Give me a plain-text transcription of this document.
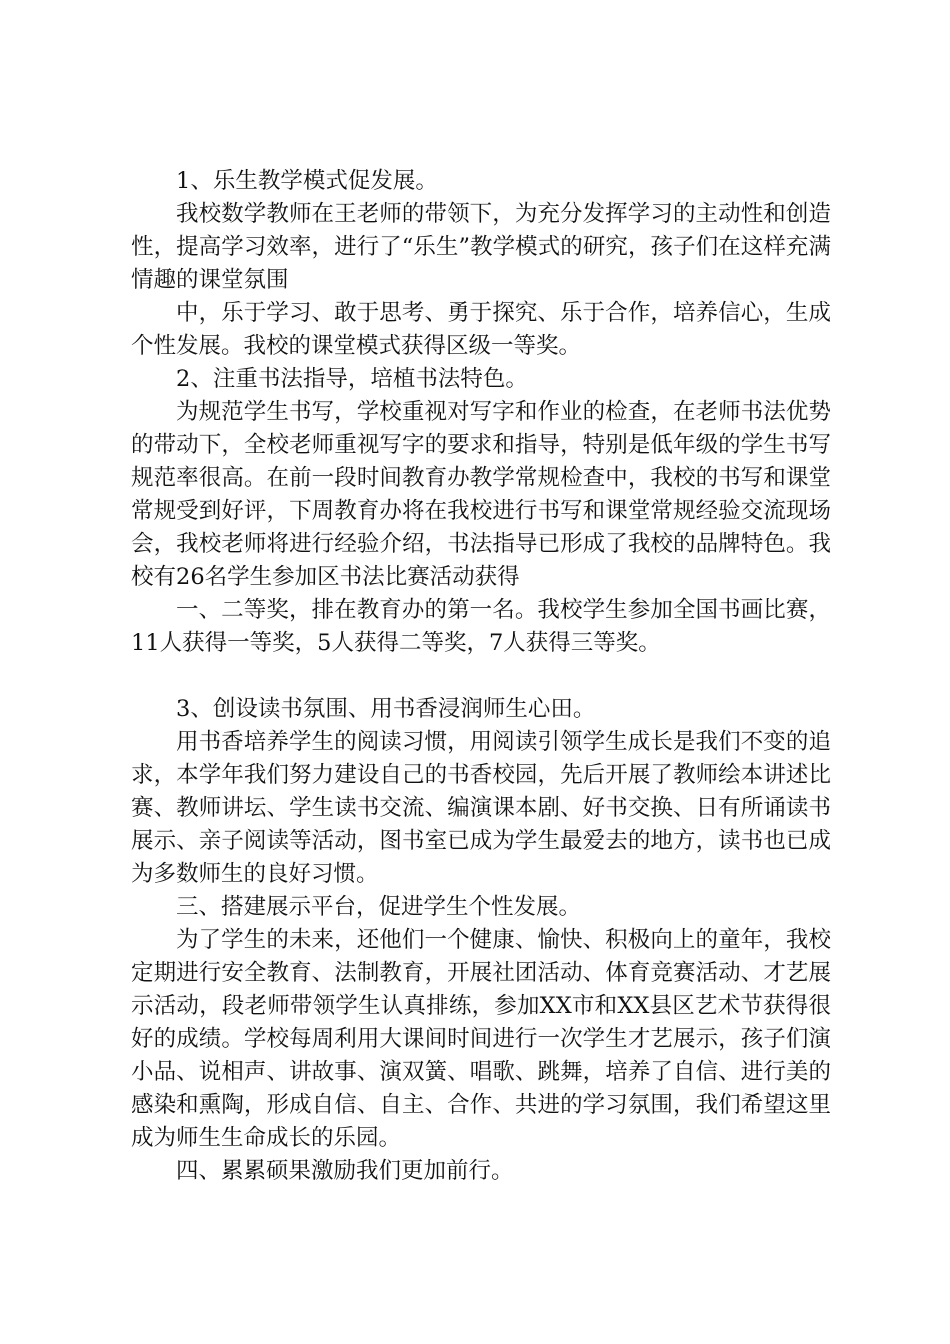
1、乐生教学模式促发展。

我校数学教师在王老师的带领下，为充分发挥学习的主动性和创造性，提高学习效率，进行了“乐生”教学模式的研究，孩子们在这样充满情趣的课堂氛围

中，乐于学习、敢于思考、勇于探究、乐于合作，培养信心，生成个性发展。我校的课堂模式获得区级一等奖。

2、注重书法指导，培植书法特色。

为规范学生书写，学校重视对写字和作业的检查，在老师书法优势的带动下，全校老师重视写字的要求和指导，特别是低年级的学生书写规范率很高。在前一段时间教育办教学常规检查中，我校的书写和课堂常规受到好评，下周教育办将在我校进行书写和课堂常规经验交流现场会，我校老师将进行经验介绍，书法指导已形成了我校的品牌特色。我校有26名学生参加区书法比赛活动获得

一、二等奖，排在教育办的第一名。我校学生参加全国书画比赛，11人获得一等奖，5人获得二等奖，7人获得三等奖。

3、创设读书氛围、用书香浸润师生心田。

用书香培养学生的阅读习惯，用阅读引领学生成长是我们不变的追求，本学年我们努力建设自己的书香校园，先后开展了教师绘本讲述比赛、教师讲坛、学生读书交流、编演课本剧、好书交换、日有所诵读书展示、亲子阅读等活动，图书室已成为学生最爱去的地方，读书也已成为多数师生的良好习惯。

三、搭建展示平台，促进学生个性发展。

为了学生的未来，还他们一个健康、愉快、积极向上的童年，我校定期进行安全教育、法制教育，开展社团活动、体育竞赛活动、才艺展示活动，段老师带领学生认真排练，参加XX市和XX县区艺术节获得很好的成绩。学校每周利用大课间时间进行一次学生才艺展示，孩子们演小品、说相声、讲故事、演双簧、唱歌、跳舞，培养了自信、进行美的感染和熏陶，形成自信、自主、合作、共进的学习氛围，我们希望这里成为师生生命成长的乐园。

四、累累硕果激励我们更加前行。
